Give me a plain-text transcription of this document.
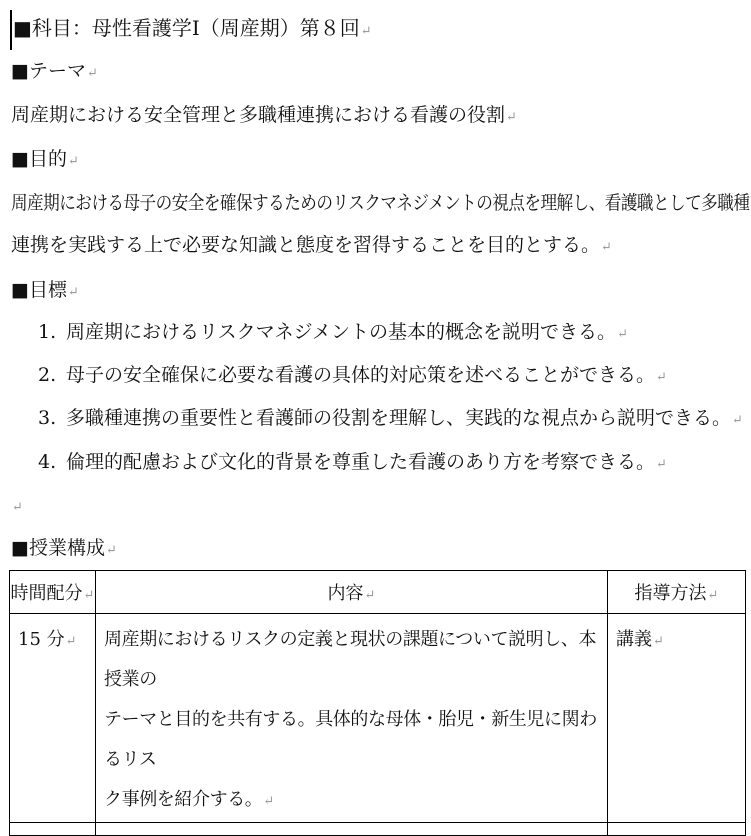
■科目：母性看護学Ⅰ（周産期）第８回↵
■テーマ↵
周産期における安全管理と多職種連携における看護の役割↵
■目的↵
周産期における母子の安全を確保するためのリスクマネジメントの視点を理解し、看護職として多職種
連携を実践する上で必要な知識と態度を習得することを目的とする。↵
■目標↵
1. 周産期におけるリスクマネジメントの基本的概念を説明できる。↵
2. 母子の安全確保に必要な看護の具体的対応策を述べることができる。↵
3. 多職種連携の重要性と看護師の役割を理解し、実践的な視点から説明できる。↵
4. 倫理的配慮および文化的背景を尊重した看護のあり方を考察できる。↵
↵
■授業構成↵
時間配分↵	内容↵	指導方法↵

15 分↵	周産期におけるリスクの定義と現状の課題について説明し、本授業の
テーマと目的を共有する。具体的な母体・胎児・新生児に関わるリス
ク事例を紹介する。↵	講義↵
